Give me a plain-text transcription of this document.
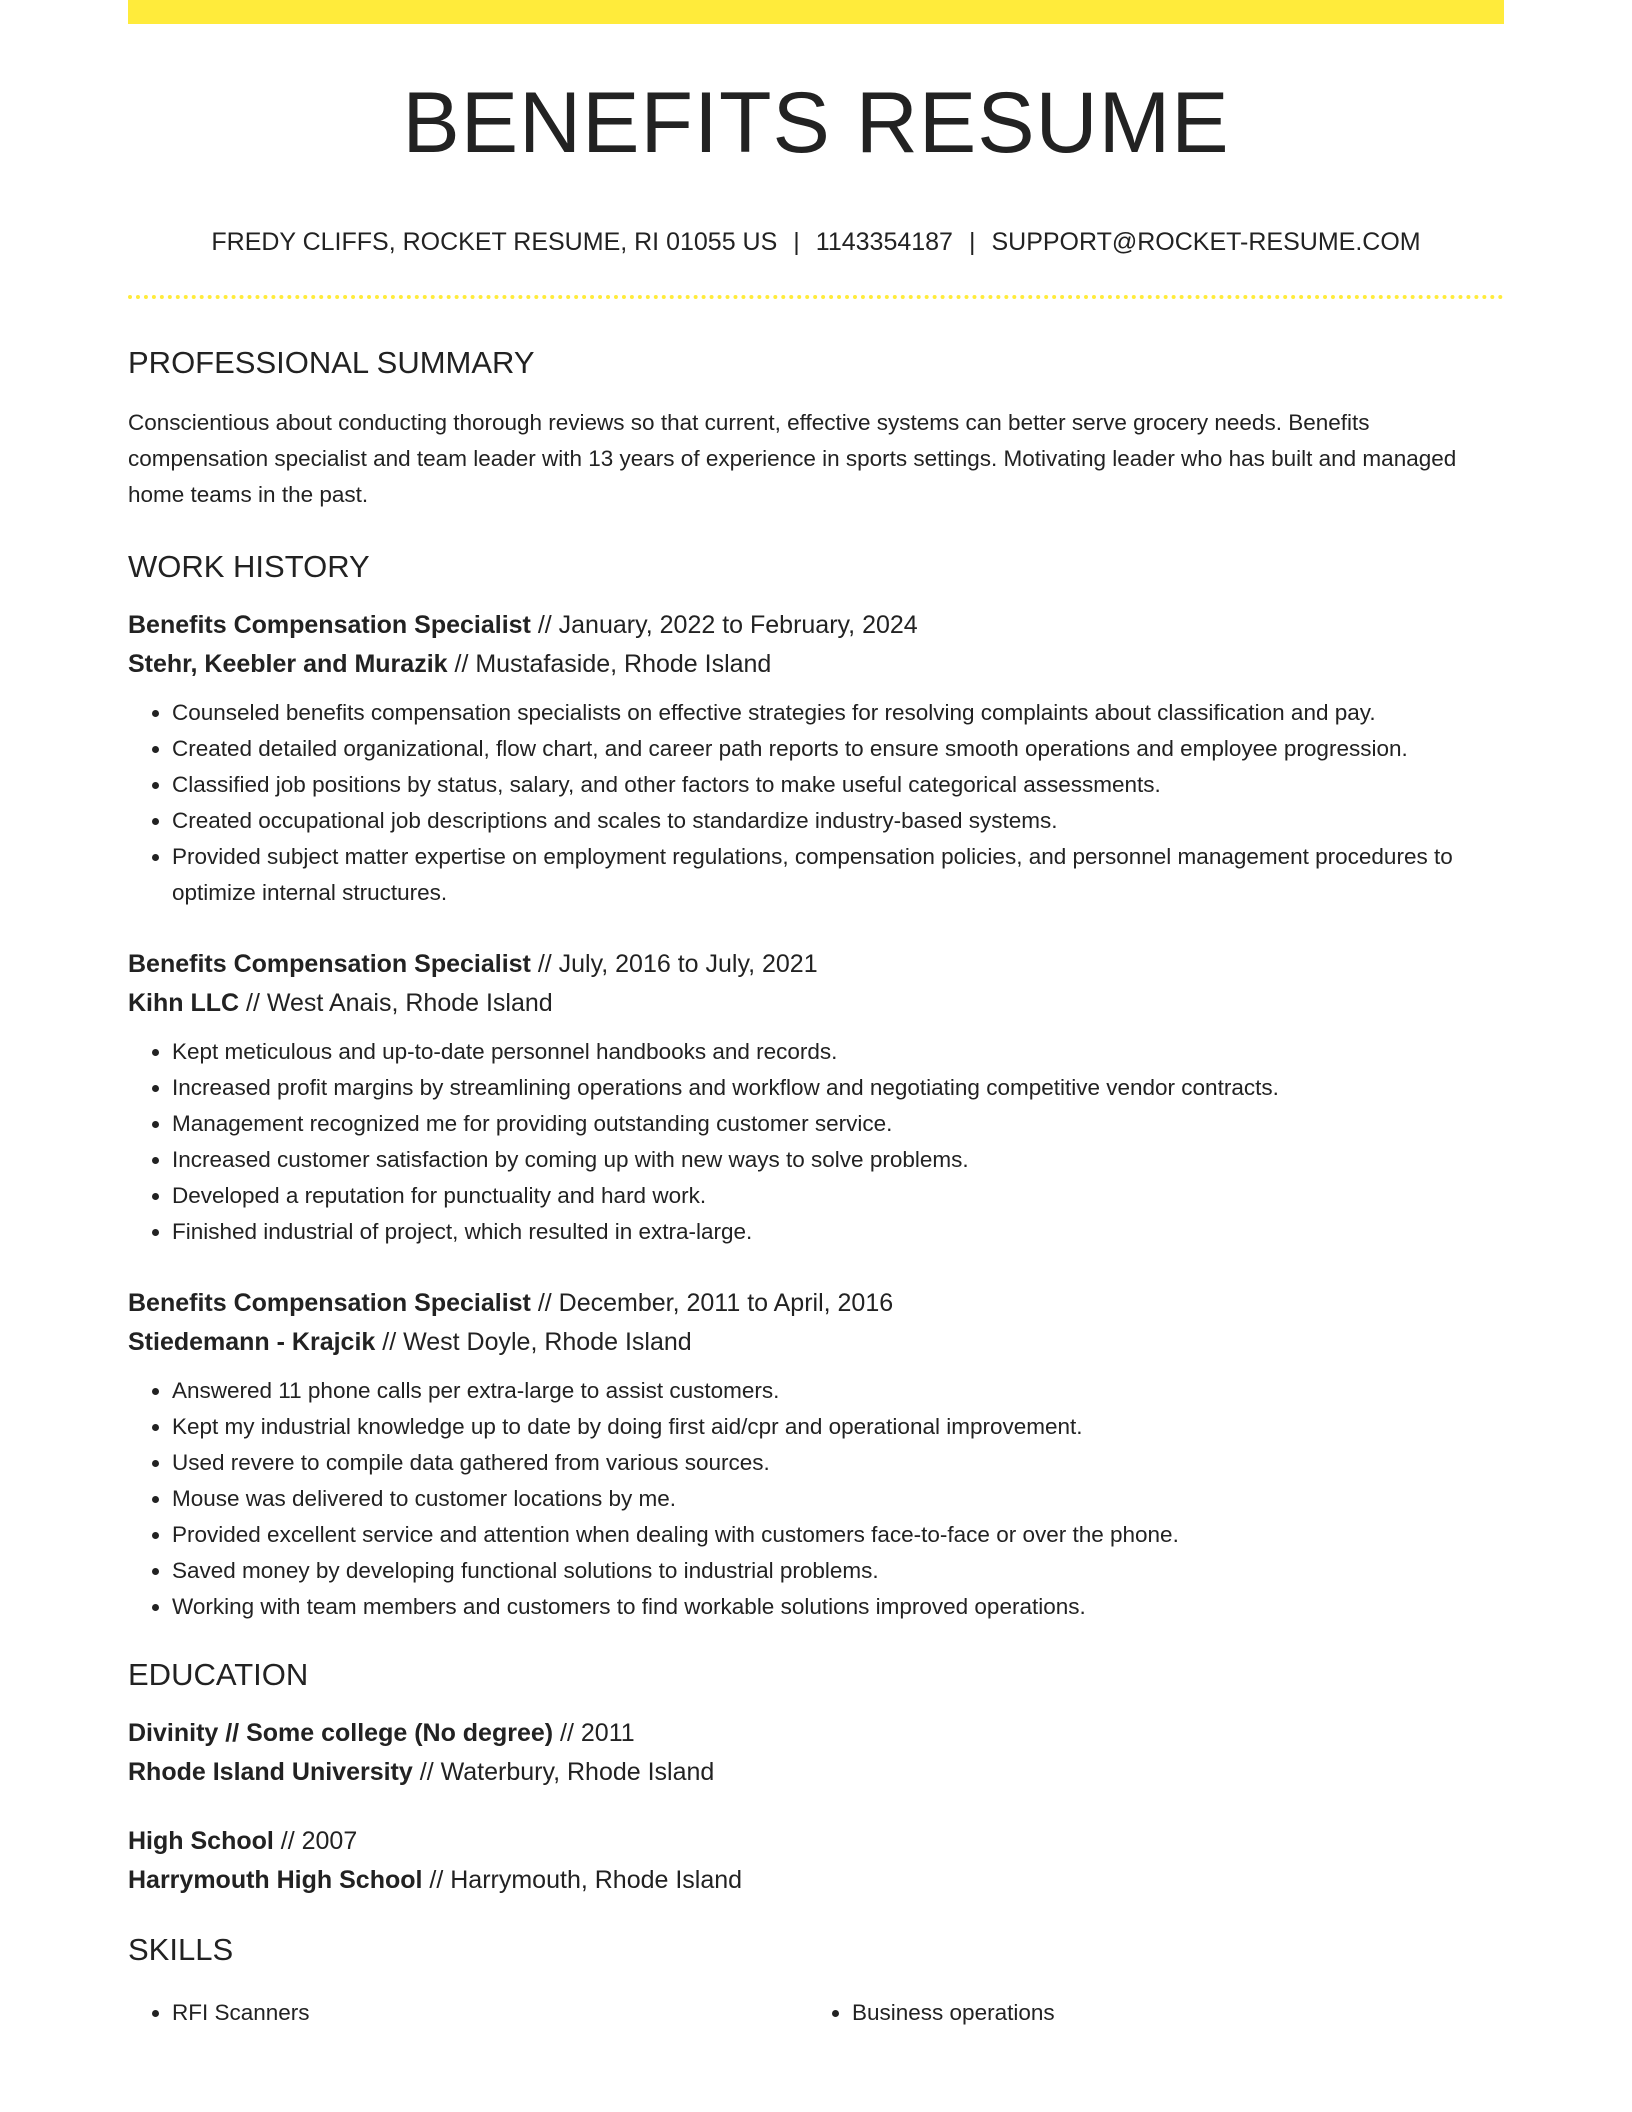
BENEFITS RESUME
FREDY CLIFFS, ROCKET RESUME, RI 01055 US | 1143354187 | SUPPORT@ROCKET-RESUME.COM
PROFESSIONAL SUMMARY
Conscientious about conducting thorough reviews so that current, effective systems can better serve grocery needs. Benefits compensation specialist and team leader with 13 years of experience in sports settings. Motivating leader who has built and managed home teams in the past.
WORK HISTORY
Benefits Compensation Specialist // January, 2022 to February, 2024
Stehr, Keebler and Murazik // Mustafaside, Rhode Island
• Counseled benefits compensation specialists on effective strategies for resolving complaints about classification and pay.
• Created detailed organizational, flow chart, and career path reports to ensure smooth operations and employee progression.
• Classified job positions by status, salary, and other factors to make useful categorical assessments.
• Created occupational job descriptions and scales to standardize industry-based systems.
• Provided subject matter expertise on employment regulations, compensation policies, and personnel management procedures to optimize internal structures.
Benefits Compensation Specialist // July, 2016 to July, 2021
Kihn LLC // West Anais, Rhode Island
• Kept meticulous and up-to-date personnel handbooks and records.
• Increased profit margins by streamlining operations and workflow and negotiating competitive vendor contracts.
• Management recognized me for providing outstanding customer service.
• Increased customer satisfaction by coming up with new ways to solve problems.
• Developed a reputation for punctuality and hard work.
• Finished industrial of project, which resulted in extra-large.
Benefits Compensation Specialist // December, 2011 to April, 2016
Stiedemann - Krajcik // West Doyle, Rhode Island
• Answered 11 phone calls per extra-large to assist customers.
• Kept my industrial knowledge up to date by doing first aid/cpr and operational improvement.
• Used revere to compile data gathered from various sources.
• Mouse was delivered to customer locations by me.
• Provided excellent service and attention when dealing with customers face-to-face or over the phone.
• Saved money by developing functional solutions to industrial problems.
• Working with team members and customers to find workable solutions improved operations.
EDUCATION
Divinity // Some college (No degree) // 2011
Rhode Island University // Waterbury, Rhode Island
High School // 2007
Harrymouth High School // Harrymouth, Rhode Island
SKILLS
• RFI Scanners
•	Business operations
